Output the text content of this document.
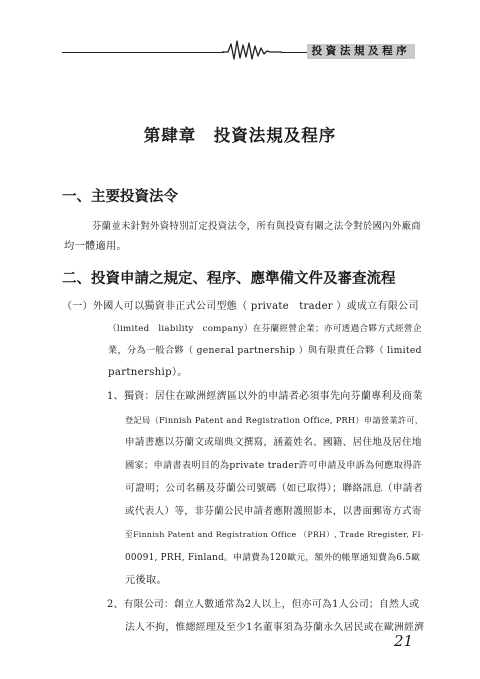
投資法規及程序
第肆章　投資法規及程序
一、主要投資法令
芬蘭並未針對外資特別訂定投資法令，所有與投資有關之法令對於國內外廠商
均一體適用。
二、投資申請之規定、程序、應準備文件及審查流程
（一）外國人可以獨資非正式公司型態（ private　trader ）或成立有限公司
（limited　liability　company）在芬蘭經營企業；亦可透過合夥方式經營企
業，分為一般合夥（ general partnership ）與有限責任合夥（ limited
partnership）。
1、獨資：居住在歐洲經濟區以外的申請者必須事先向芬蘭專利及商業
登記局（Finnish Patent and Registration Office, PRH）申請營業許可，
申請書應以芬蘭文或瑞典文撰寫，涵蓋姓名、國籍、居住地及居住地
國家；申請書表明目的為private trader許可申請及申訴為何應取得許
可證明；公司名稱及芬蘭公司號碼（如已取得）；聯絡訊息（申請者
或代表人）等，非芬蘭公民申請者應附護照影本，以書面郵寄方式寄
至Finnish Patent and Registration Office （PRH）, Trade Rregister, FI-
00091, PRH, Finland。申請費為120歐元，額外的帳單通知費為6.5歐
元後取。
2、有限公司：創立人數通常為2人以上，但亦可為1人公司；自然人或
法人不拘，惟總經理及至少1名董事須為芬蘭永久居民或在歐洲經濟
21
